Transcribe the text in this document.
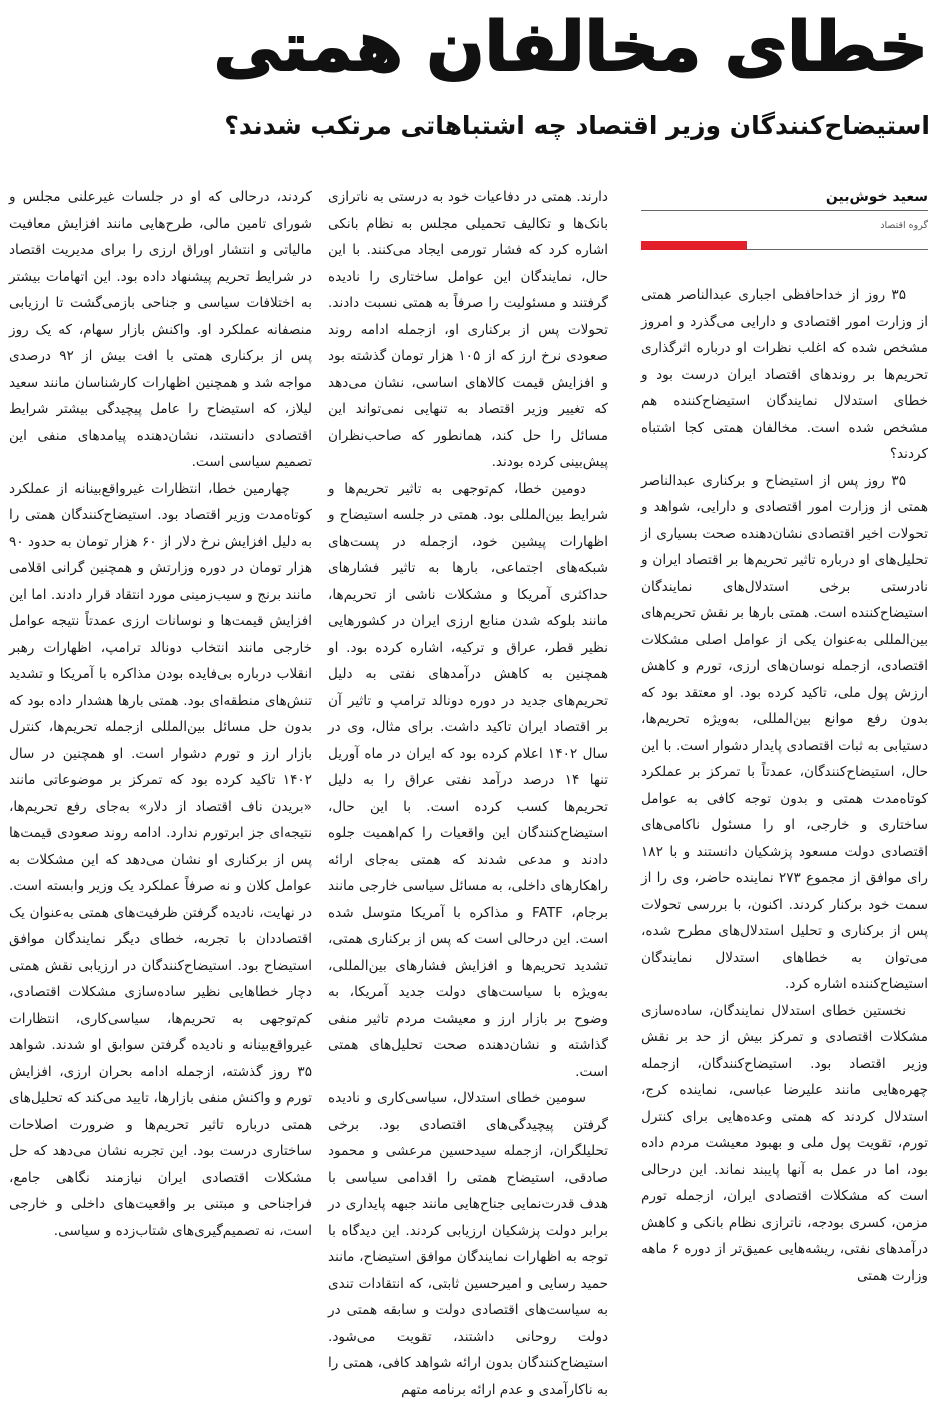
خطای مخالفان همتی
استیضاح‌کنندگان وزیر اقتصاد چه اشتباهاتی مرتکب شدند؟
سعید خوش‌بین
گروه اقتصاد

۳۵ روز از خداحافظی اجباری عبدالناصر همتی از وزارت امور اقتصادی و دارایی می‌گذرد و امروز مشخص شده که اغلب نظرات او درباره اثرگذاری تحریم‌ها بر روندهای اقتصاد ایران درست بود و خطای استدلال نمایندگان استیضاح‌کننده هم مشخص شده است. مخالفان همتی کجا اشتباه کردند؟

۳۵ روز پس از استیضاح و برکناری عبدالناصر همتی از وزارت امور اقتصادی و دارایی، شواهد و تحولات اخیر اقتصادی نشان‌دهنده صحت بسیاری از تحلیل‌های او درباره تاثیر تحریم‌ها بر اقتصاد ایران و نادرستی برخی استدلال‌های نمایندگان استیضاح‌کننده است. همتی بارها بر نقش تحریم‌های بین‌المللی به‌عنوان یکی از عوامل اصلی مشکلات اقتصادی، ازجمله نوسان‌های ارزی، تورم و کاهش ارزش پول ملی، تاکید کرده بود. او معتقد بود که بدون رفع موانع بین‌المللی، به‌ویژه تحریم‌ها، دستیابی به ثبات اقتصادی پایدار دشوار است. با این حال، استیضاح‌کنندگان، عمدتاً با تمرکز بر عملکرد کوتاه‌مدت همتی و بدون توجه کافی به عوامل ساختاری و خارجی، او را مسئول ناکامی‌های اقتصادی دولت مسعود پزشکیان دانستند و با ۱۸۲ رای موافق از مجموع ۲۷۳ نماینده حاضر، وی را از سمت خود برکنار کردند. اکنون، با بررسی تحولات پس از برکناری و تحلیل استدلال‌های مطرح شده، می‌توان به خطاهای استدلال نمایندگان استیضاح‌کننده اشاره کرد.

نخستین خطای استدلال نمایندگان، ساده‌سازی مشکلات اقتصادی و تمرکز بیش از حد بر نقش وزیر اقتصاد بود. استیضاح‌کنندگان، ازجمله چهره‌هایی مانند علیرضا عباسی، نماینده کرج، استدلال کردند که همتی وعده‌هایی برای کنترل تورم، تقویت پول ملی و بهبود معیشت مردم داده بود، اما در عمل به آنها پایبند نماند. این درحالی است که مشکلات اقتصادی ایران، ازجمله تورم مزمن، کسری بودجه، ناترازی نظام بانکی و کاهش درآمدهای نفتی، ریشه‌هایی عمیق‌تر از دوره ۶ ماهه وزارت همتی

دارند. همتی در دفاعیات خود به درستی به ناترازی بانک‌ها و تکالیف تحمیلی مجلس به نظام بانکی اشاره کرد که فشار تورمی ایجاد می‌کنند. با این حال، نمایندگان این عوامل ساختاری را نادیده گرفتند و مسئولیت را صرفاً به همتی نسبت دادند. تحولات پس از برکناری او، ازجمله ادامه روند صعودی نرخ ارز که از ۱۰۵ هزار تومان گذشته بود و افزایش قیمت کالاهای اساسی، نشان می‌دهد که تغییر وزیر اقتصاد به تنهایی نمی‌تواند این مسائل را حل کند، همانطور که صاحب‌نظران پیش‌بینی کرده بودند.

دومین خطا، کم‌توجهی به تاثیر تحریم‌ها و شرایط بین‌المللی بود. همتی در جلسه استیضاح و اظهارات پیشین خود، ازجمله در پست‌های شبکه‌های اجتماعی، بارها به تاثیر فشارهای حداکثری آمریکا و مشکلات ناشی از تحریم‌ها، مانند بلوکه شدن منابع ارزی ایران در کشورهایی نظیر قطر، عراق و ترکیه، اشاره کرده بود. او همچنین به کاهش درآمدهای نفتی به دلیل تحریم‌های جدید در دوره دونالد ترامپ و تاثیر آن بر اقتصاد ایران تاکید داشت. برای مثال، وی در سال ۱۴۰۲ اعلام کرده بود که ایران در ماه آوریل تنها ۱۴ درصد درآمد نفتی عراق را به دلیل تحریم‌ها کسب کرده است. با این حال، استیضاح‌کنندگان این واقعیات را کم‌اهمیت جلوه دادند و مدعی شدند که همتی به‌جای ارائه راهکارهای داخلی، به مسائل سیاسی خارجی مانند برجام، FATF و مذاکره با آمریکا متوسل شده است. این درحالی است که پس از برکناری همتی، تشدید تحریم‌ها و افزایش فشارهای بین‌المللی، به‌ویژه با سیاست‌های دولت جدید آمریکا، به وضوح بر بازار ارز و معیشت مردم تاثیر منفی گذاشته و نشان‌دهنده صحت تحلیل‌های همتی است.

سومین خطای استدلال، سیاسی‌کاری و نادیده گرفتن پیچیدگی‌های اقتصادی بود. برخی تحلیلگران، ازجمله سیدحسین مرعشی و محمود صادقی، استیضاح همتی را اقدامی سیاسی با هدف قدرت‌نمایی جناح‌هایی مانند جبهه پایداری در برابر دولت پزشکیان ارزیابی کردند. این دیدگاه با توجه به اظهارات نمایندگان موافق استیضاح، مانند حمید رسایی و امیرحسین ثابتی، که انتقادات تندی به سیاست‌های اقتصادی دولت و سابقه همتی در دولت روحانی داشتند، تقویت می‌شود. استیضاح‌کنندگان بدون ارائه شواهد کافی، همتی را به ناکارآمدی و عدم ارائه برنامه متهم

کردند، درحالی که او در جلسات غیرعلنی مجلس و شورای تامین مالی، طرح‌هایی مانند افزایش معافیت مالیاتی و انتشار اوراق ارزی را برای مدیریت اقتصاد در شرایط تحریم پیشنهاد داده بود. این اتهامات بیشتر به اختلافات سیاسی و جناحی بازمی‌گشت تا ارزیابی منصفانه عملکرد او. واکنش بازار سهام، که یک روز پس از برکناری همتی با افت بیش از ۹۲ درصدی مواجه شد و همچنین اظهارات کارشناسان مانند سعید لیلاز، که استیضاح را عامل پیچیدگی بیشتر شرایط اقتصادی دانستند، نشان‌دهنده پیامدهای منفی این تصمیم سیاسی است.

چهارمین خطا، انتظارات غیرواقع‌بینانه از عملکرد کوتاه‌مدت وزیر اقتصاد بود. استیضاح‌کنندگان همتی را به دلیل افزایش نرخ دلار از ۶۰ هزار تومان به حدود ۹۰ هزار تومان در دوره وزارتش و همچنین گرانی اقلامی مانند برنج و سیب‌زمینی مورد انتقاد قرار دادند. اما این افزایش قیمت‌ها و نوسانات ارزی عمدتاً نتیجه عوامل خارجی مانند انتخاب دونالد ترامپ، اظهارات رهبر انقلاب درباره بی‌فایده بودن مذاکره با آمریکا و تشدید تنش‌های منطقه‌ای بود. همتی بارها هشدار داده بود که بدون حل مسائل بین‌المللی ازجمله تحریم‌ها، کنترل بازار ارز و تورم دشوار است. او همچنین در سال ۱۴۰۲ تاکید کرده بود که تمرکز بر موضوعاتی مانند «بریدن ناف اقتصاد از دلار» به‌جای رفع تحریم‌ها، نتیجه‌ای جز ابرتورم ندارد. ادامه روند صعودی قیمت‌ها پس از برکناری او نشان می‌دهد که این مشکلات به عوامل کلان و نه صرفاً عملکرد یک وزیر وابسته است. در نهایت، نادیده گرفتن ظرفیت‌های همتی به‌عنوان یک اقتصاددان با تجربه، خطای دیگر نمایندگان موافق استیضاح بود. استیضاح‌کنندگان در ارزیابی نقش همتی دچار خطاهایی نظیر ساده‌سازی مشکلات اقتصادی، کم‌توجهی به تحریم‌ها، سیاسی‌کاری، انتظارات غیرواقع‌بینانه و نادیده گرفتن سوابق او شدند. شواهد ۳۵ روز گذشته، ازجمله ادامه بحران ارزی، افزایش تورم و واکنش منفی بازارها، تایید می‌کند که تحلیل‌های همتی درباره تاثیر تحریم‌ها و ضرورت اصلاحات ساختاری درست بود. این تجربه نشان می‌دهد که حل مشکلات اقتصادی ایران نیازمند نگاهی جامع، فراجناحی و مبتنی بر واقعیت‌های داخلی و خارجی است، نه تصمیم‌گیری‌های شتاب‌زده و سیاسی.
